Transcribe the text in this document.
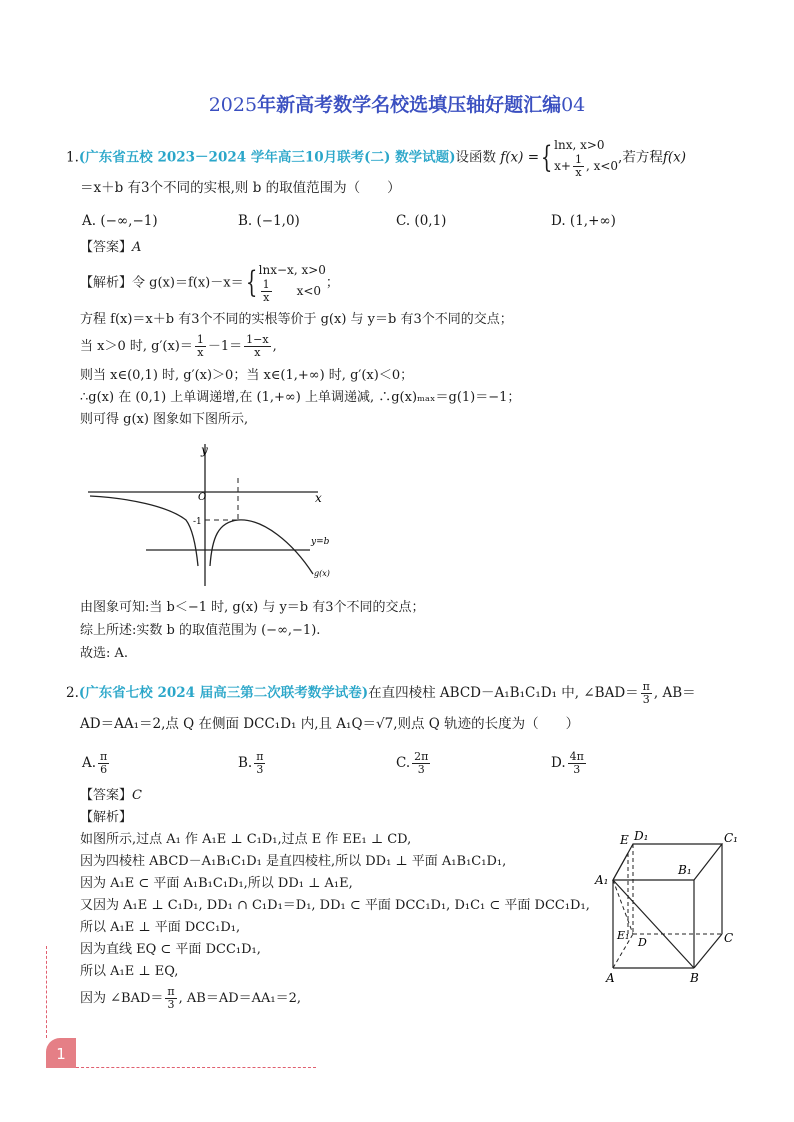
2025年新高考数学名校选填压轴好题汇编04
1.(广东省五校 2023－2024 学年高三10月联考(二) 数学试题)设函数 f(x) ={ lnx, x>0
$x+ \frac{1}{x}$ , x<0
,若方程f(x)
＝x＋b 有3个不同的实根,则 b 的取值范围为（　　）
A. (−∞,−1)	B. (−1,0)	C. (0,1)	D. (1,+∞)
【答案】A
【解析】令 g(x)＝f(x)－x＝{ lnx−x, x>0
$\frac{1}{x} x<0$
；
方程 f(x)＝x＋b 有3个不同的实根等价于 g(x) 与 y＝b 有3个不同的交点；
当 x＞0 时, $g'(x)= \frac{1}{x} -1= \frac{1-x}{x}$ ,
则当 x∈(0,1) 时, g′(x)＞0；当 x∈(1,+∞) 时, g′(x)＜0；
∴g(x) 在 (0,1) 上单调递增,在 (1,+∞) 上单调递减, ∴g(x)ₘₐₓ＝g(1)＝−1；
则可得 g(x) 图象如下图所示,
y
x
O
-1
y=b
g(x)
由图象可知:当 b＜−1 时, g(x) 与 y＝b 有3个不同的交点；
综上所述:实数 b 的取值范围为 (−∞,−1).
故选: A.
2.(广东省七校 2024 届高三第二次联考数学试卷)在直四棱柱 ABCD－A₁B₁C₁D₁ 中, ∠BAD＝ $\frac{\pi}{3}$ , AB＝
AD＝AA₁＝2,点 Q 在侧面 DCC₁D₁ 内,且 A₁Q＝√7,则点 Q 轨迹的长度为（　　）
A. $\frac{\pi}{6}$	B. $\frac{\pi}{3}$	C. $\frac{2\pi}{3}$	D. $\frac{4\pi}{3}$
【答案】C
【解析】
如图所示,过点 A₁ 作 A₁E ⊥ C₁D₁,过点 E 作 EE₁ ⊥ CD,
因为四棱柱 ABCD－A₁B₁C₁D₁ 是直四棱柱,所以 DD₁ ⊥ 平面 A₁B₁C₁D₁,
因为 A₁E ⊂ 平面 A₁B₁C₁D₁,所以 DD₁ ⊥ A₁E,
又因为 A₁E ⊥ C₁D₁, DD₁ ∩ C₁D₁＝D₁, DD₁ ⊂ 平面 DCC₁D₁, D₁C₁ ⊂ 平面 DCC₁D₁,
所以 A₁E ⊥ 平面 DCC₁D₁,
因为直线 EQ ⊂ 平面 DCC₁D₁,
所以 A₁E ⊥ EQ,
因为 ∠BAD＝ $\frac{\pi}{3}$ , AB＝AD＝AA₁＝2,
E D₁	C₁
A₁
B₁
E₁
D	C
A	B
1
